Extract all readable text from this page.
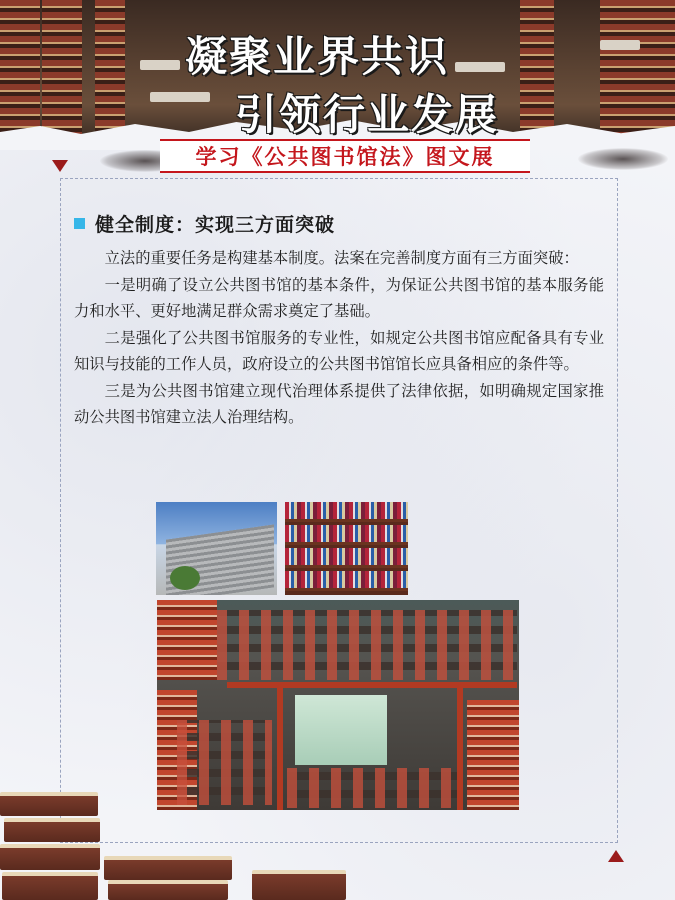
凝聚业界共识
引领行业发展
学习《公共图书馆法》图文展
健全制度：实现三方面突破

立法的重要任务是构建基本制度。法案在完善制度方面有三方面突破：

一是明确了设立公共图书馆的基本条件，为保证公共图书馆的基本服务能力和水平、更好地满足群众需求奠定了基础。

二是强化了公共图书馆服务的专业性，如规定公共图书馆应配备具有专业知识与技能的工作人员，政府设立的公共图书馆馆长应具备相应的条件等。

三是为公共图书馆建立现代治理体系提供了法律依据，如明确规定国家推动公共图书馆建立法人治理结构。
